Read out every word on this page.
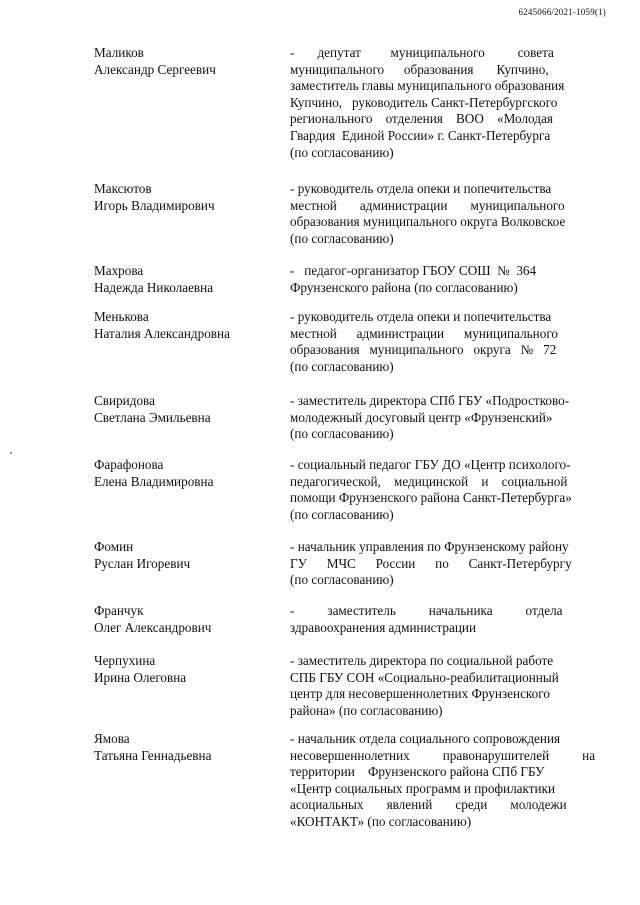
6245066/2021-1059(1)
Маликов
Александр Сергеевич
-       депутат         муниципального          совета
муниципального      образования       Купчино,
заместитель главы муниципального образования
Купчино,   руководитель Санкт-Петербургского
регионального    отделения    ВОО    «Молодая
Гвардия  Единой России» г. Санкт-Петербурга
(по согласованию)
Максютов
Игорь Владимирович
- руководитель отдела опеки и попечительства
местной       администрации       муниципального
образования муниципального округа Волковское
(по согласованию)
Махрова
Надежда Николаевна
-   педагог-организатор ГБОУ СОШ  №  364
Фрунзенского района (по согласованию)
Менькова
Наталия Александровна
- руководитель отдела опеки и попечительства
местной      администрации      муниципального
образования   муниципального   округа   №   72
(по согласованию)
Свиридова
Светлана Эмильевна
- заместитель директора СПб ГБУ «Подростково-
молодежный досуговый центр «Фрунзенский»
(по согласованию)
Фарафонова
Елена Владимировна
- социальный педагог ГБУ ДО «Центр психолого-
педагогической,    медицинской    и    социальной
помощи Фрунзенского района Санкт-Петербурга»
(по согласованию)
Фомин
Руслан Игоревич
- начальник управления по Фрунзенскому району
ГУ      МЧС      России      по      Санкт-Петербургу
(по согласованию)
Франчук
Олег Александрович
-          заместитель          начальника          отдела
здравоохранения администрации
Черпухина
Ирина Олеговна
- заместитель директора по социальной работе
СПБ ГБУ СОН «Социально-реабилитационный
центр для несовершеннолетних Фрунзенского
района» (по согласованию)
Ямова
Татьяна Геннадьевна
- начальник отдела социального сопровождения
несовершеннолетних          правонарушителей          на
территории    Фрунзенского района СПб ГБУ
«Центр социальных программ и профилактики
асоциальных       явлений       среди       молодежи
«КОНТАКТ» (по согласованию)
